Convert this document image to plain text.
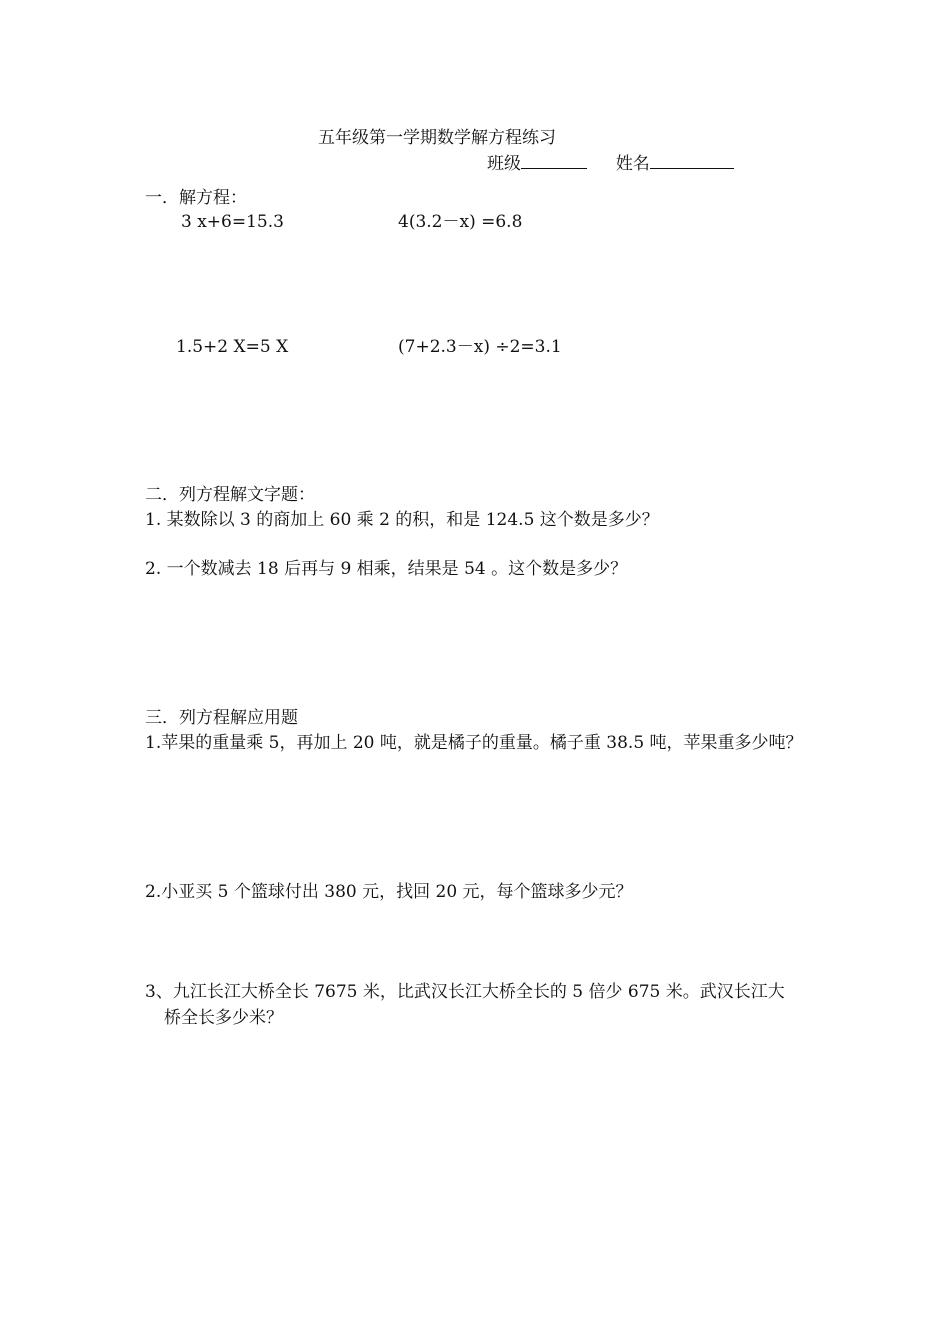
五年级第一学期数学解方程练习
班级	姓名
一．解方程：
3 x+6=15.3	4(3.2－x) =6.8
1.5+2 X=5 X	(7+2.3－x) ÷2=3.1
二．列方程解文字题：
1. 某数除以 3 的商加上 60 乘 2 的积，和是 124.5 这个数是多少？
2. 一个数减去 18 后再与 9 相乘，结果是 54 。这个数是多少？
三．列方程解应用题
1.苹果的重量乘 5，再加上 20 吨，就是橘子的重量。橘子重 38.5 吨，苹果重多少吨？
2.小亚买 5 个篮球付出 380 元，找回 20 元，每个篮球多少元？
3、九江长江大桥全长 7675 米，比武汉长江大桥全长的 5 倍少 675 米。武汉长江大
桥全长多少米？
